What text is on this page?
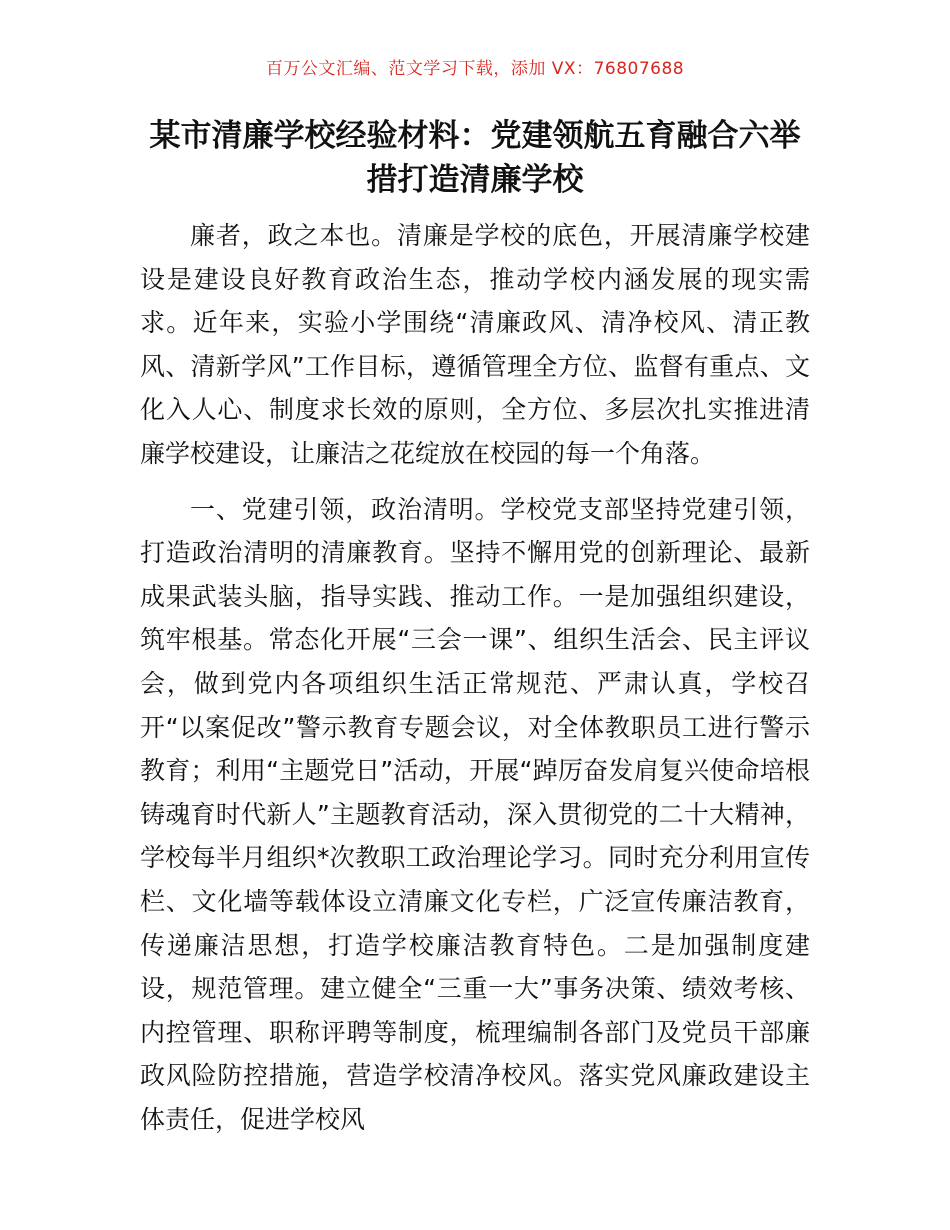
百万公文汇编、范文学习下载，添加 VX：76807688
某市清廉学校经验材料：党建领航五育融合六举措打造清廉学校

廉者，政之本也。清廉是学校的底色，开展清廉学校建设是建设良好教育政治生态，推动学校内涵发展的现实需求。近年来，实验小学围绕“清廉政风、清净校风、清正教风、清新学风”工作目标，遵循管理全方位、监督有重点、文化入人心、制度求长效的原则，全方位、多层次扎实推进清廉学校建设，让廉洁之花绽放在校园的每一个角落。

一、党建引领，政治清明。学校党支部坚持党建引领，打造政治清明的清廉教育。坚持不懈用党的创新理论、最新成果武装头脑，指导实践、推动工作。一是加强组织建设，筑牢根基。常态化开展“三会一课”、组织生活会、民主评议会，做到党内各项组织生活正常规范、严肃认真，学校召开“以案促改”警示教育专题会议，对全体教职员工进行警示教育；利用“主题党日”活动，开展“踔厉奋发肩复兴使命培根铸魂育时代新人”主题教育活动，深入贯彻党的二十大精神，学校每半月组织*次教职工政治理论学习。同时充分利用宣传栏、文化墙等载体设立清廉文化专栏，广泛宣传廉洁教育，传递廉洁思想，打造学校廉洁教育特色。二是加强制度建设，规范管理。建立健全“三重一大”事务决策、绩效考核、内控管理、职称评聘等制度，梳理编制各部门及党员干部廉政风险防控措施，营造学校清净校风。落实党风廉政建设主体责任，促进学校风
